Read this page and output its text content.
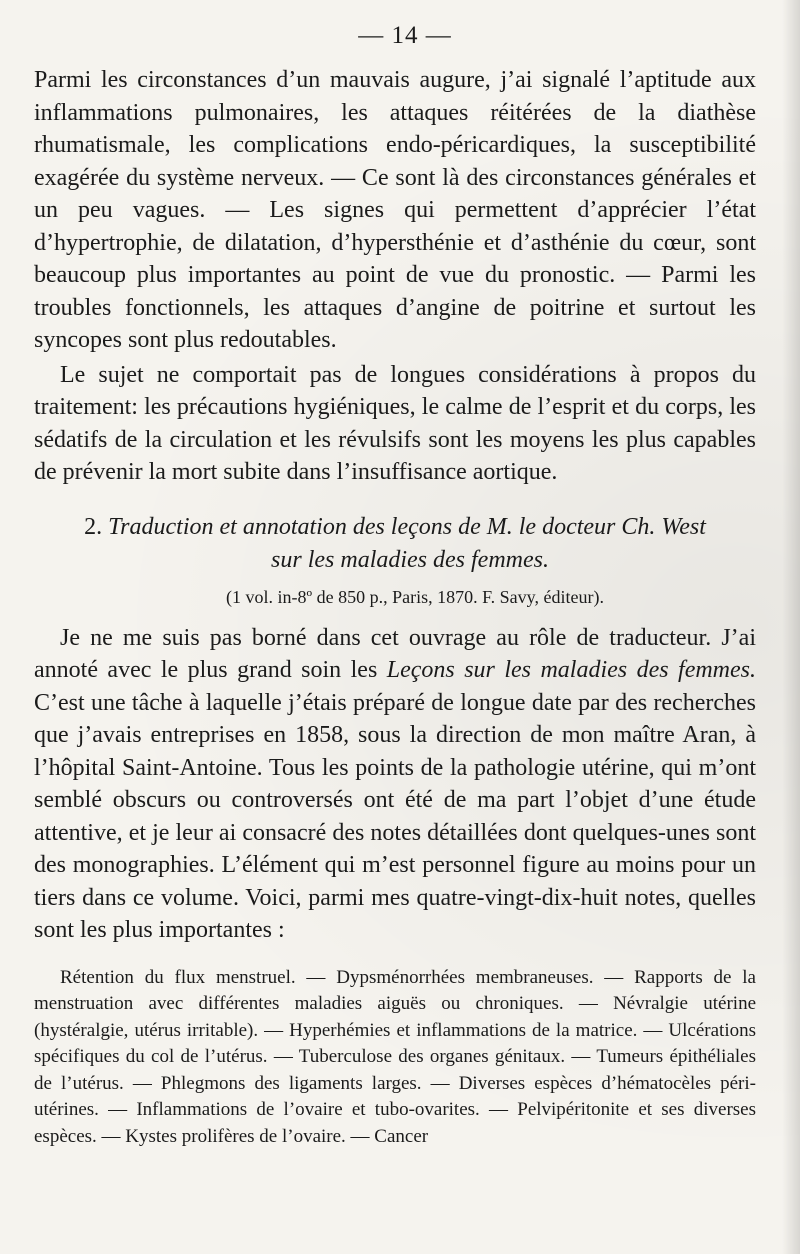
— 14 —

Parmi les circonstances d’un mauvais augure, j’ai signalé l’aptitude aux inflammations pulmonaires, les attaques réitérées de la diathèse rhumatismale, les complications endo-péricardiques, la susceptibilité exagérée du système nerveux. — Ce sont là des circonstances générales et un peu vagues. — Les signes qui permettent d’apprécier l’état d’hypertrophie, de dilatation, d’hypersthénie et d’asthénie du cœur, sont beaucoup plus importantes au point de vue du pronostic. — Parmi les troubles fonctionnels, les attaques d’angine de poitrine et surtout les syncopes sont plus redoutables.

Le sujet ne comportait pas de longues considérations à propos du traitement: les précautions hygiéniques, le calme de l’esprit et du corps, les sédatifs de la circulation et les révulsifs sont les moyens les plus capables de prévenir la mort subite dans l’insuffisance aortique.

2. Traduction et annotation des leçons de M. le docteur Ch. West
sur les maladies des femmes.
(1 vol. in-8º de 850 p., Paris, 1870. F. Savy, éditeur).

Je ne me suis pas borné dans cet ouvrage au rôle de traducteur. J’ai annoté avec le plus grand soin les Leçons sur les maladies des femmes. C’est une tâche à laquelle j’étais préparé de longue date par des recherches que j’avais entreprises en 1858, sous la direction de mon maître Aran, à l’hôpital Saint-Antoine. Tous les points de la pathologie utérine, qui m’ont semblé obscurs ou controversés ont été de ma part l’objet d’une étude attentive, et je leur ai consacré des notes détaillées dont quelques-unes sont des monographies. L’élément qui m’est personnel figure au moins pour un tiers dans ce volume. Voici, parmi mes quatre-vingt-dix-huit notes, quelles sont les plus importantes :

Rétention du flux menstruel. — Dypsménorrhées membraneuses. — Rapports de la menstruation avec différentes maladies aiguës ou chroniques. — Névralgie utérine (hystéralgie, utérus irritable). — Hyperhémies et inflammations de la matrice. — Ulcérations spécifiques du col de l’utérus. — Tuberculose des organes génitaux. — Tumeurs épithéliales de l’utérus. — Phlegmons des ligaments larges. — Diverses espèces d’hématocèles péri-utérines. — Inflammations de l’ovaire et tubo-ovarites. — Pelvipéritonite et ses diverses espèces. — Kystes prolifères de l’ovaire. — Cancer
